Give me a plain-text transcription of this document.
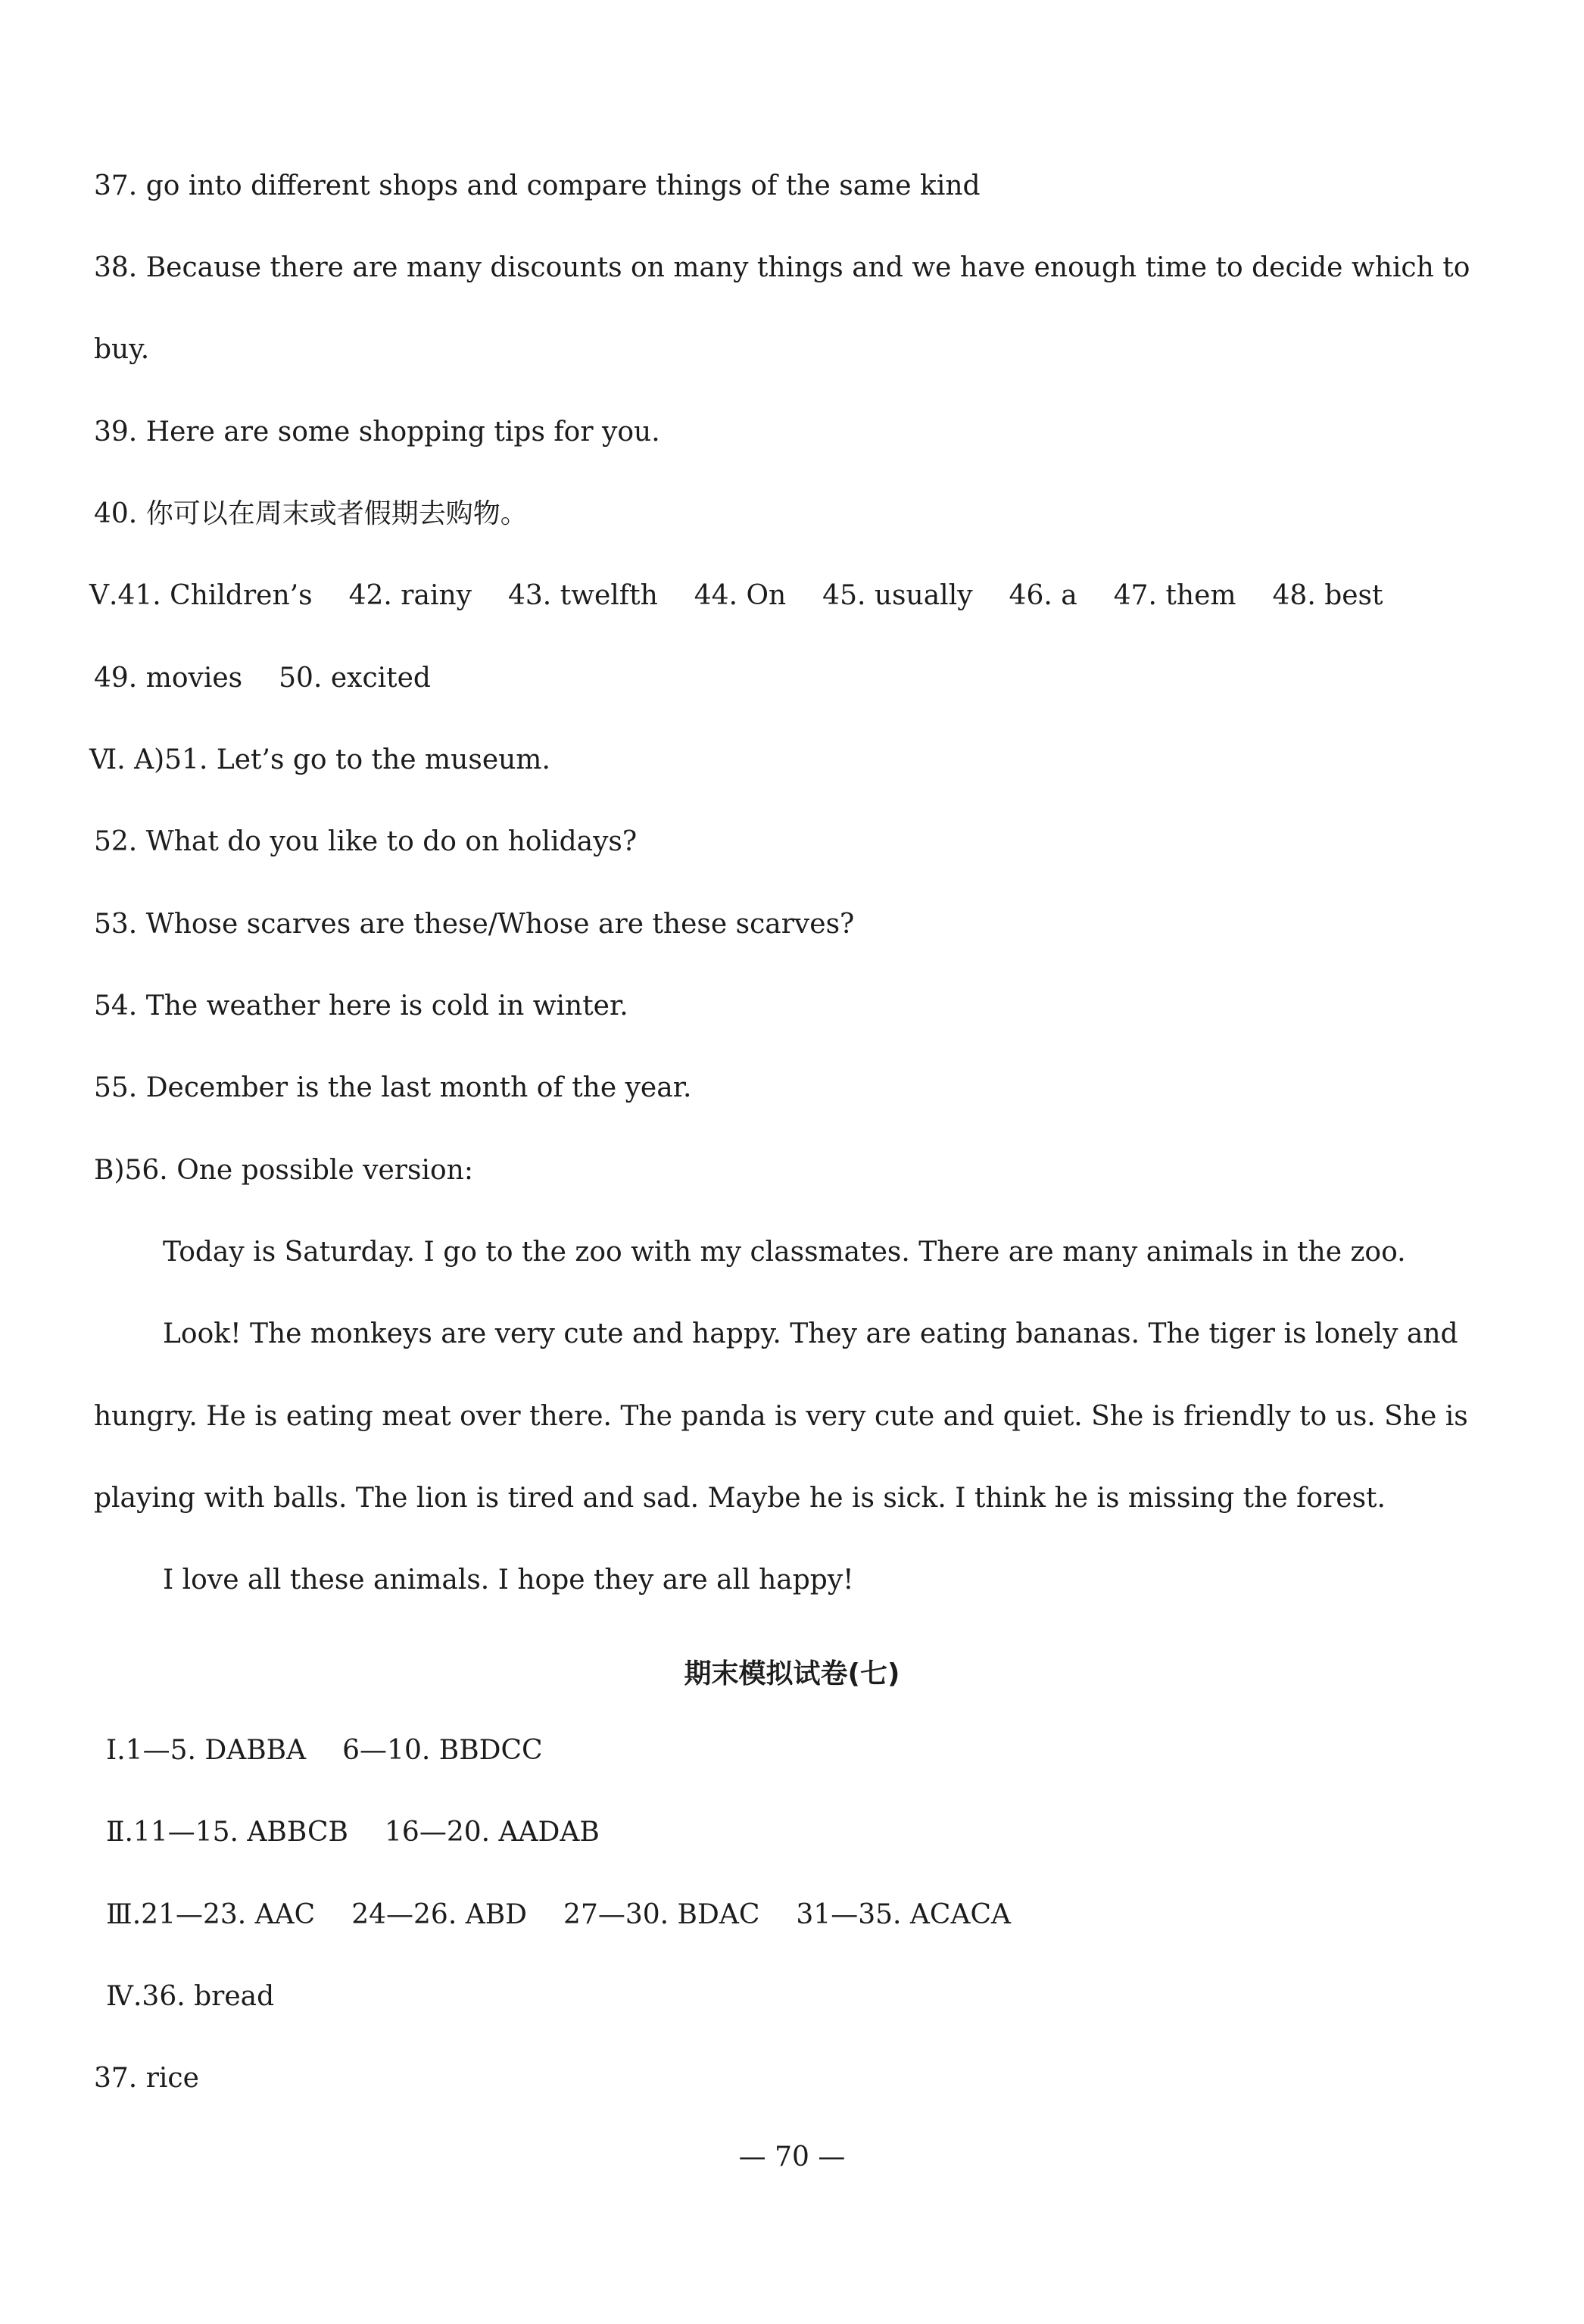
37. go into different shops and compare things of the same kind
38. Because there are many discounts on many things and we have enough time to decide which to
buy.
39. Here are some shopping tips for you.
40. 你可以在周末或者假期去购物。
Ⅴ.41. Children’s 42. rainy 43. twelfth 44. On 45. usually 46. a 47. them 48. best
49. movies 50. excited
Ⅵ. A)51. Let’s go to the museum.
52. What do you like to do on holidays?
53. Whose scarves are these/Whose are these scarves?
54. The weather here is cold in winter.
55. December is the last month of the year.
B)56. One possible version:
Today is Saturday. I go to the zoo with my classmates. There are many animals in the zoo.
Look! The monkeys are very cute and happy. They are eating bananas. The tiger is lonely and
hungry. He is eating meat over there. The panda is very cute and quiet. She is friendly to us. She is
playing with balls. The lion is tired and sad. Maybe he is sick. I think he is missing the forest.
I love all these animals. I hope they are all happy!
期末模拟试卷(七)
Ⅰ.1—5. DABBA 6—10. BBDCC
Ⅱ.11—15. ABBCB 16—20. AADAB
Ⅲ.21—23. AAC 24—26. ABD 27—30. BDAC 31—35. ACACA
Ⅳ.36. bread
37. rice
— 70 —
